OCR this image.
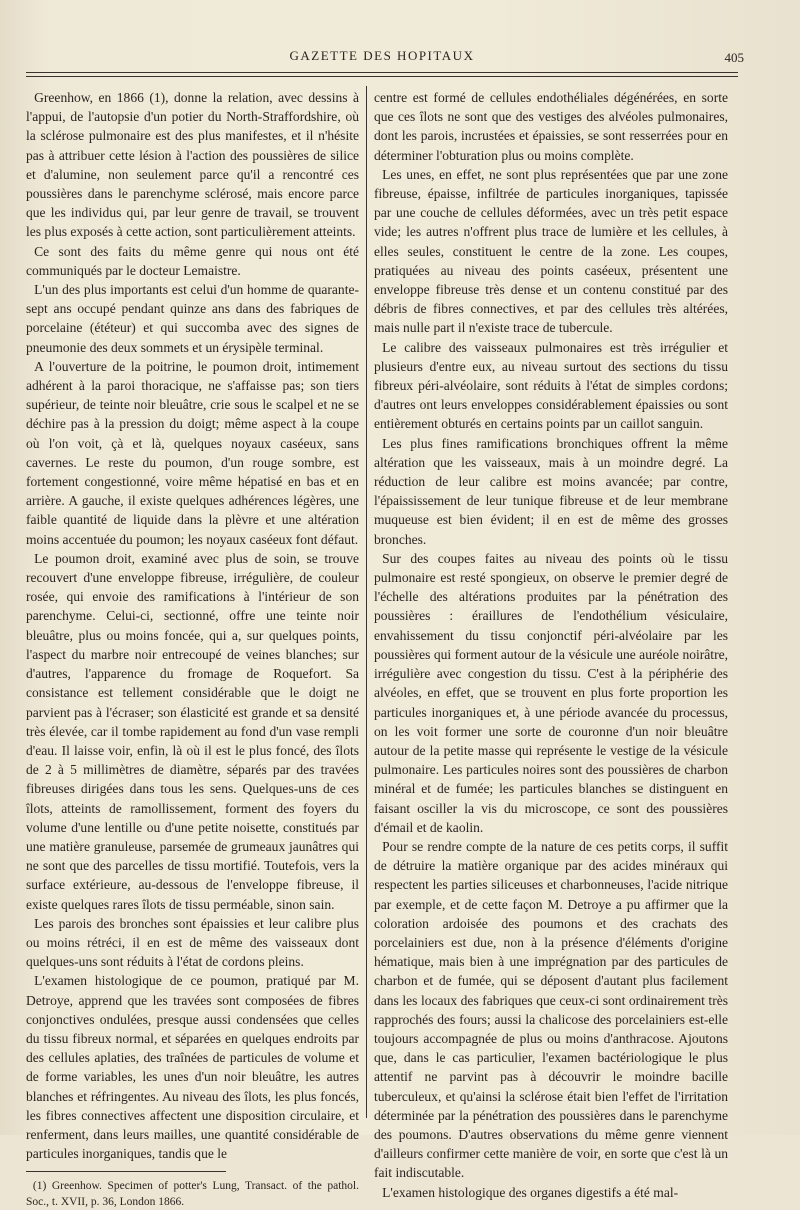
GAZETTE DES HOPITAUX	405

Greenhow, en 1866 (1), donne la relation, avec dessins à l'appui, de l'autopsie d'un potier du North-Straffordshire, où la sclérose pulmonaire est des plus manifestes, et il n'hésite pas à attribuer cette lésion à l'action des poussières de silice et d'alumine, non seulement parce qu'il a rencontré ces poussières dans le parenchyme sclérosé, mais encore parce que les individus qui, par leur genre de travail, se trouvent les plus exposés à cette action, sont particulièrement atteints.

Ce sont des faits du même genre qui nous ont été communiqués par le docteur Lemaistre.

L'un des plus importants est celui d'un homme de quarante-sept ans occupé pendant quinze ans dans des fabriques de porcelaine (ététeur) et qui succomba avec des signes de pneumonie des deux sommets et un érysipèle terminal.

A l'ouverture de la poitrine, le poumon droit, intimement adhérent à la paroi thoracique, ne s'affaisse pas; son tiers supérieur, de teinte noir bleuâtre, crie sous le scalpel et ne se déchire pas à la pression du doigt; même aspect à la coupe où l'on voit, çà et là, quelques noyaux caséeux, sans cavernes. Le reste du poumon, d'un rouge sombre, est fortement congestionné, voire même hépatisé en bas et en arrière. A gauche, il existe quelques adhérences légères, une faible quantité de liquide dans la plèvre et une altération moins accentuée du poumon; les noyaux caséeux font défaut.

Le poumon droit, examiné avec plus de soin, se trouve recouvert d'une enveloppe fibreuse, irrégulière, de couleur rosée, qui envoie des ramifications à l'intérieur de son parenchyme. Celui-ci, sectionné, offre une teinte noir bleuâtre, plus ou moins foncée, qui a, sur quelques points, l'aspect du marbre noir entrecoupé de veines blanches; sur d'autres, l'apparence du fromage de Roquefort. Sa consistance est tellement considérable que le doigt ne parvient pas à l'écraser; son élasticité est grande et sa densité très élevée, car il tombe rapidement au fond d'un vase rempli d'eau. Il laisse voir, enfin, là où il est le plus foncé, des îlots de 2 à 5 millimètres de diamètre, séparés par des travées fibreuses dirigées dans tous les sens. Quelques-uns de ces îlots, atteints de ramollissement, forment des foyers du volume d'une lentille ou d'une petite noisette, constitués par une matière granuleuse, parsemée de grumeaux jaunâtres qui ne sont que des parcelles de tissu mortifié. Toutefois, vers la surface extérieure, au-dessous de l'enveloppe fibreuse, il existe quelques rares îlots de tissu perméable, sinon sain.

Les parois des bronches sont épaissies et leur calibre plus ou moins rétréci, il en est de même des vaisseaux dont quelques-uns sont réduits à l'état de cordons pleins.

L'examen histologique de ce poumon, pratiqué par M. Detroye, apprend que les travées sont composées de fibres conjonctives ondulées, presque aussi condensées que celles du tissu fibreux normal, et séparées en quelques endroits par des cellules aplaties, des traînées de particules de volume et de forme variables, les unes d'un noir bleuâtre, les autres blanches et réfringentes. Au niveau des îlots, les plus foncés, les fibres connectives affectent une disposition circulaire, et renferment, dans leurs mailles, une quantité considérable de particules inorganiques, tandis que le

(1) Greenhow. Specimen of potter's Lung, Transact. of the pathol. Soc., t. XVII, p. 36, London 1866.

centre est formé de cellules endothéliales dégénérées, en sorte que ces îlots ne sont que des vestiges des alvéoles pulmonaires, dont les parois, incrustées et épaissies, se sont resserrées pour en déterminer l'obturation plus ou moins complète.

Les unes, en effet, ne sont plus représentées que par une zone fibreuse, épaisse, infiltrée de particules inorganiques, tapissée par une couche de cellules déformées, avec un très petit espace vide; les autres n'offrent plus trace de lumière et les cellules, à elles seules, constituent le centre de la zone. Les coupes, pratiquées au niveau des points caséeux, présentent une enveloppe fibreuse très dense et un contenu constitué par des débris de fibres connectives, et par des cellules très altérées, mais nulle part il n'existe trace de tubercule.

Le calibre des vaisseaux pulmonaires est très irrégulier et plusieurs d'entre eux, au niveau surtout des sections du tissu fibreux péri-alvéolaire, sont réduits à l'état de simples cordons; d'autres ont leurs enveloppes considérablement épaissies ou sont entièrement obturés en certains points par un caillot sanguin.

Les plus fines ramifications bronchiques offrent la même altération que les vaisseaux, mais à un moindre degré. La réduction de leur calibre est moins avancée; par contre, l'épaississement de leur tunique fibreuse et de leur membrane muqueuse est bien évident; il en est de même des grosses bronches.

Sur des coupes faites au niveau des points où le tissu pulmonaire est resté spongieux, on observe le premier degré de l'échelle des altérations produites par la pénétration des poussières : éraillures de l'endothélium vésiculaire, envahissement du tissu conjonctif péri-alvéolaire par les poussières qui forment autour de la vésicule une auréole noirâtre, irrégulière avec congestion du tissu. C'est à la périphérie des alvéoles, en effet, que se trouvent en plus forte proportion les particules inorganiques et, à une période avancée du processus, on les voit former une sorte de couronne d'un noir bleuâtre autour de la petite masse qui représente le vestige de la vésicule pulmonaire. Les particules noires sont des poussières de charbon minéral et de fumée; les particules blanches se distinguent en faisant osciller la vis du microscope, ce sont des poussières d'émail et de kaolin.

Pour se rendre compte de la nature de ces petits corps, il suffit de détruire la matière organique par des acides minéraux qui respectent les parties siliceuses et charbonneuses, l'acide nitrique par exemple, et de cette façon M. Detroye a pu affirmer que la coloration ardoisée des poumons et des crachats des porcelainiers est due, non à la présence d'éléments d'origine hématique, mais bien à une imprégnation par des particules de charbon et de fumée, qui se déposent d'autant plus facilement dans les locaux des fabriques que ceux-ci sont ordinairement très rapprochés des fours; aussi la chalicose des porcelainiers est-elle toujours accompagnée de plus ou moins d'anthracose. Ajoutons que, dans le cas particulier, l'examen bactériologique le plus attentif ne parvint pas à découvrir le moindre bacille tuberculeux, et qu'ainsi la sclérose était bien l'effet de l'irritation déterminée par la pénétration des poussières dans le parenchyme des poumons. D'autres observations du même genre viennent d'ailleurs confirmer cette manière de voir, en sorte que c'est là un fait indiscutable.

L'examen histologique des organes digestifs a été mal-
